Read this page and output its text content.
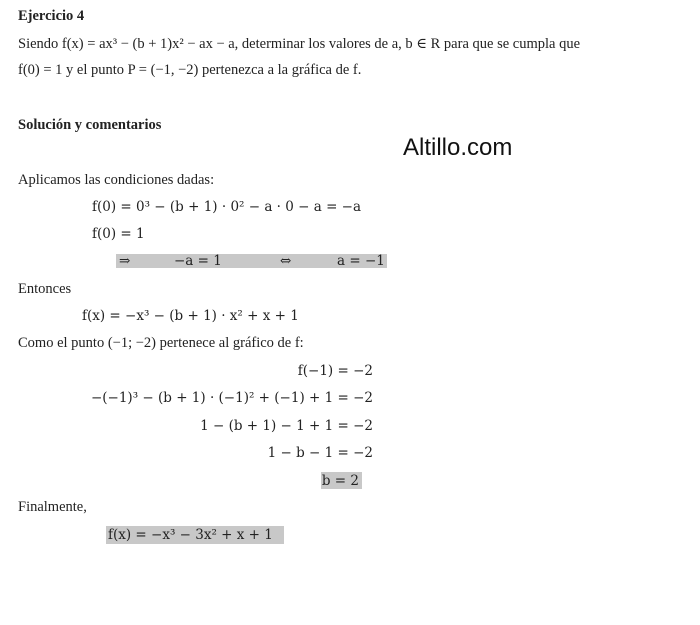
Ejercicio 4
Siendo f(x) = ax³ − (b + 1)x² − ax − a, determinar los valores de a, b ∈ R para que se cumpla que
f(0) = 1 y el punto P = (−1, −2) pertenezca a la gráfica de f.
Solución y comentarios
Altillo.com
Aplicamos las condiciones dadas:
f(0) = 0³ − (b + 1) · 0² − a · 0 − a = −a
f(0) = 1
⇒	−a = 1	⇔	a = −1
Entonces
f(x) = −x³ − (b + 1) · x² + x + 1
Como el punto (−1; −2) pertenece al gráfico de f:
f(−1) = −2
−(−1)³ − (b + 1) · (−1)² + (−1) + 1 = −2
1 − (b + 1) − 1 + 1 = −2
1 − b − 1 = −2
b = 2
Finalmente,
f(x) = −x³ − 3x² + x + 1
